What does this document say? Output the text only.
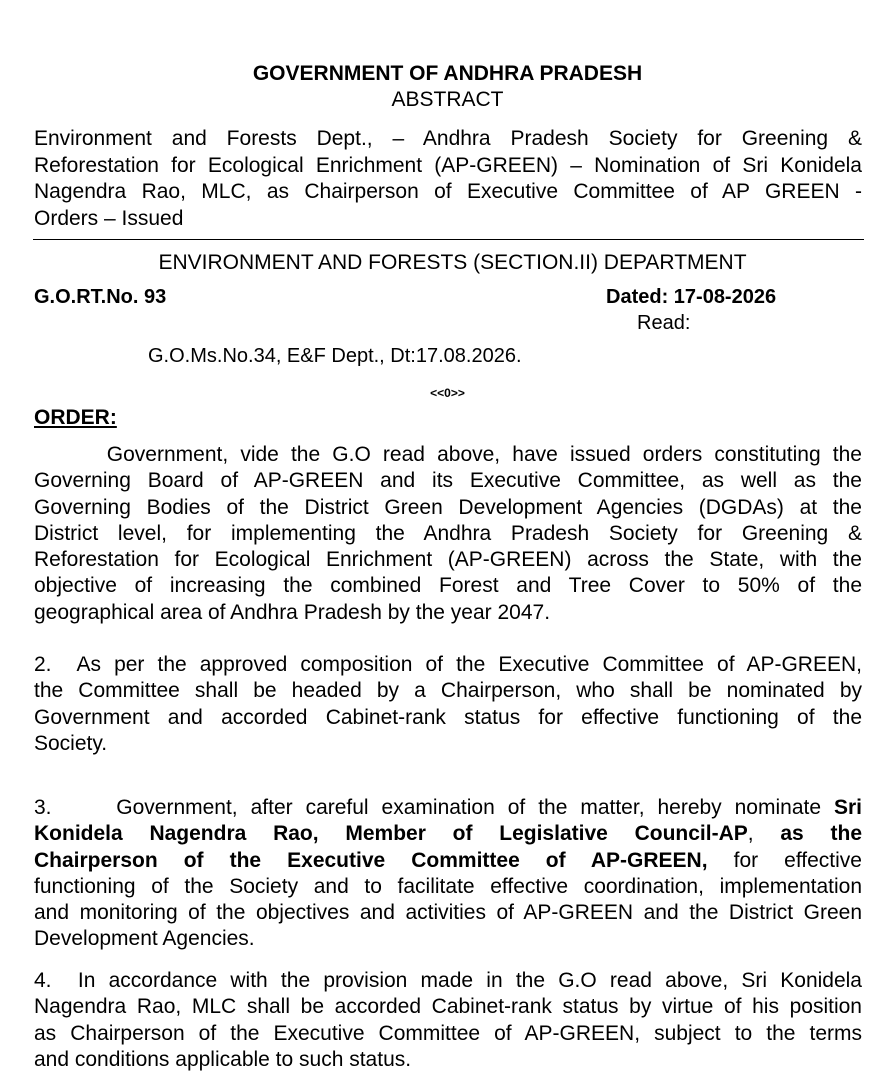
GOVERNMENT OF ANDHRA PRADESH
ABSTRACT
Environment and Forests Dept., – Andhra Pradesh Society for Greening &
Reforestation for Ecological Enrichment (AP-GREEN) – Nomination of Sri Konidela
Nagendra Rao, MLC, as Chairperson of Executive Committee of AP GREEN -
Orders – Issued
ENVIRONMENT AND FORESTS (SECTION.II) DEPARTMENT
G.O.RT.No. 93	Dated: 17-08-2026
Read:
G.O.Ms.No.34, E&F Dept., Dt:17.08.2026.
<<0>>
ORDER:
Government, vide the G.O read above, have issued orders constituting the
Governing Board of AP-GREEN and its Executive Committee, as well as the
Governing Bodies of the District Green Development Agencies (DGDAs) at the
District level, for implementing the Andhra Pradesh Society for Greening &
Reforestation for Ecological Enrichment (AP-GREEN) across the State, with the
objective of increasing the combined Forest and Tree Cover to 50% of the
geographical area of Andhra Pradesh by the year 2047.
2.  As per the approved composition of the Executive Committee of AP-GREEN,
the Committee shall be headed by a Chairperson, who shall be nominated by
Government and accorded Cabinet-rank status for effective functioning of the
Society.
3.     Government, after careful examination of the matter, hereby nominate Sri
Konidela Nagendra Rao, Member of Legislative Council-AP, as the
Chairperson of the Executive Committee of AP-GREEN, for effective
functioning of the Society and to facilitate effective coordination, implementation
and monitoring of the objectives and activities of AP-GREEN and the District Green
Development Agencies.
4.  In accordance with the provision made in the G.O read above, Sri Konidela
Nagendra Rao, MLC shall be accorded Cabinet-rank status by virtue of his position
as Chairperson of the Executive Committee of AP-GREEN, subject to the terms
and conditions applicable to such status.
